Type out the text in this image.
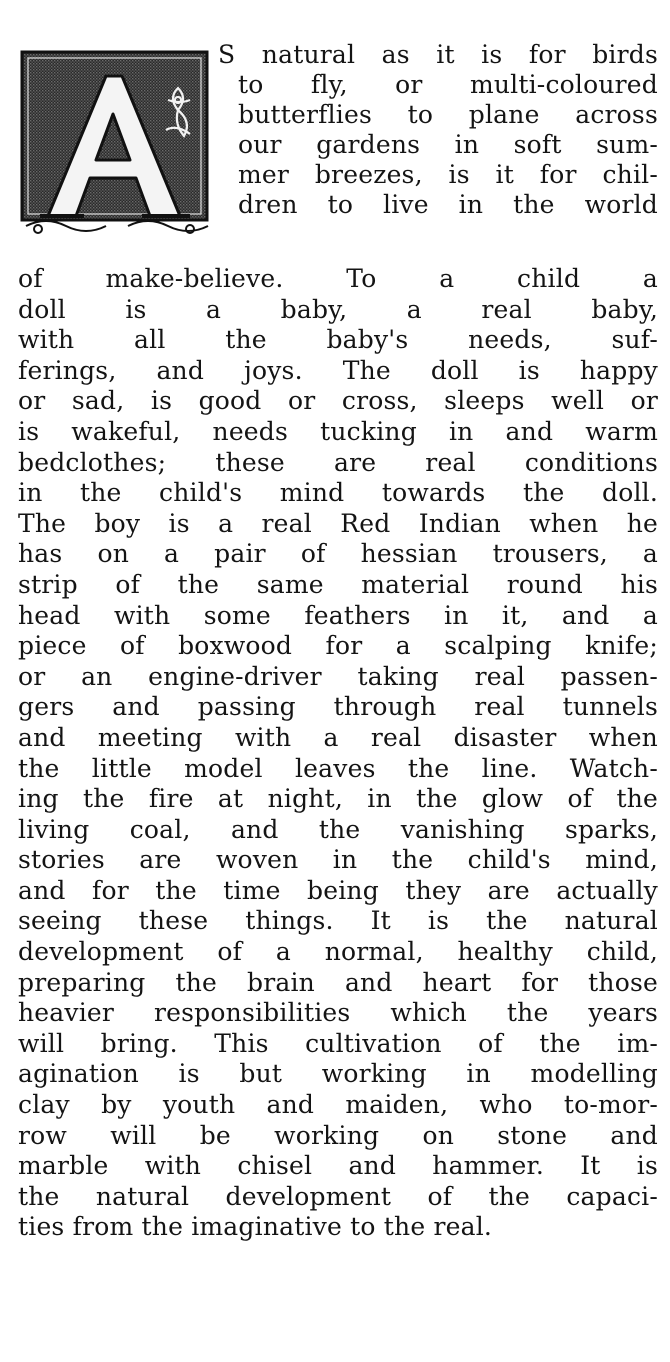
A	S natural as it is for birds
to fly, or multi-coloured
butterflies to plane across
our gardens in soft sum-
mer breezes, is it for chil-
dren to live in the world
of make-believe. To a child a
doll is a baby, a real baby,
with all the baby's needs, suf-
ferings, and joys. The doll is happy
or sad, is good or cross, sleeps well or
is wakeful, needs tucking in and warm
bedclothes; these are real conditions
in the child's mind towards the doll.
The boy is a real Red Indian when he
has on a pair of hessian trousers, a
strip of the same material round his
head with some feathers in it, and a
piece of boxwood for a scalping knife;
or an engine-driver taking real passen-
gers and passing through real tunnels
and meeting with a real disaster when
the little model leaves the line. Watch-
ing the fire at night, in the glow of the
living coal, and the vanishing sparks,
stories are woven in the child's mind,
and for the time being they are actually
seeing these things. It is the natural
development of a normal, healthy child,
preparing the brain and heart for those
heavier responsibilities which the years
will bring. This cultivation of the im-
agination is but working in modelling
clay by youth and maiden, who to-mor-
row will be working on stone and
marble with chisel and hammer. It is
the natural development of the capaci-
ties from the imaginative to the real.
